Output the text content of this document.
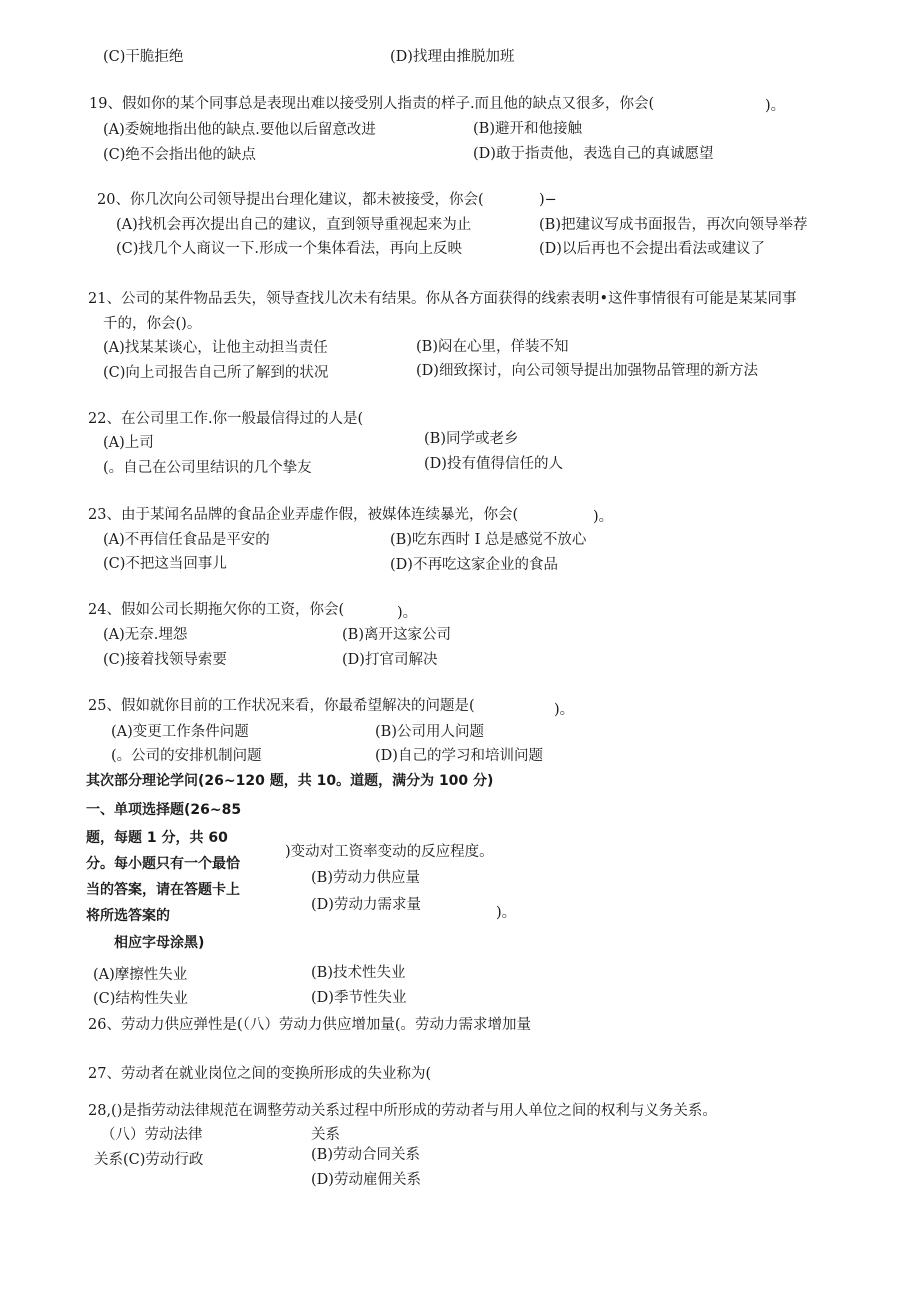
(C)干脆拒绝	(D)找理由推脱加班
19、假如你的某个同事总是表现出难以接受别人指责的样子.而且他的缺点又很多，你会(	)。
(A)委婉地指出他的缺点.要他以后留意改进	(B)避开和他接触
(C)绝不会指出他的缺点	(D)敢于指责他，表选自己的真诚愿望
20、你几次向公司领导提出台理化建议，都未被接受，你会(	)−
(A)找机会再次提出自己的建议，直到领导重视起来为止	(B)把建议写成书面报告，再次向领导举荐
(C)找几个人商议一下.形成一个集体看法，再向上反映	(D)以后再也不会提出看法或建议了
21、公司的某件物品丢失，领导查找儿次未有结果。你从各方面获得的线索表明•这件事情很有可能是某某同事
千的，你会()。
(A)找某某谈心，让他主动担当责任	(B)闷在心里，佯装不知
(C)向上司报告自己所了解到的状况	(D)细致探讨，向公司领导提出加强物品管理的新方法
22、在公司里工作.你一般最信得过的人是(
(A)上司	(B)同学或老乡
(。自己在公司里结识的几个挚友	(D)投有值得信任的人
23、由于某闻名品牌的食品企业弄虚作假，被媒体连续暴光，你会(	)。
(A)不再信任食品是平安的	(B)吃东西时 I 总是感觉不放心
(C)不把这当回事儿	(D)不再吃这家企业的食品
24、假如公司长期拖欠你的工资，你会(	)。
(A)无奈.埋怨	(B)离开这家公司
(C)接着找领导索要	(D)打官司解决
25、假如就你目前的工作状况来看，你最希望解决的问题是(	)。
(A)变更工作条件问题	(B)公司用人问题
(。公司的安排机制问题	(D)自己的学习和培训问题
其次部分理论学问(26~120 题，共 10。道题，满分为 100 分)
一、单项选择题(26~85
题，每题 1 分，共 60
分。每小题只有一个最恰
当的答案，请在答题卡上
将所选答案的
相应字母涂黑)
)变动对工资率变动的反应程度。
(B)劳动力供应量
(D)劳动力需求量	)。
(A)摩擦性失业	(B)技术性失业
(C)结构性失业	(D)季节性失业
26、劳动力供应弹性是(（八）劳动力供应增加量(。劳动力需求增加量
27、劳动者在就业岗位之间的变换所形成的失业称为(
28,()是指劳动法律规范在调整劳动关系过程中所形成的劳动者与用人单位之间的权利与义务关系。
（八）劳动法律	关系
关系(C)劳动行政	(B)劳动合同关系
(D)劳动雇佣关系
